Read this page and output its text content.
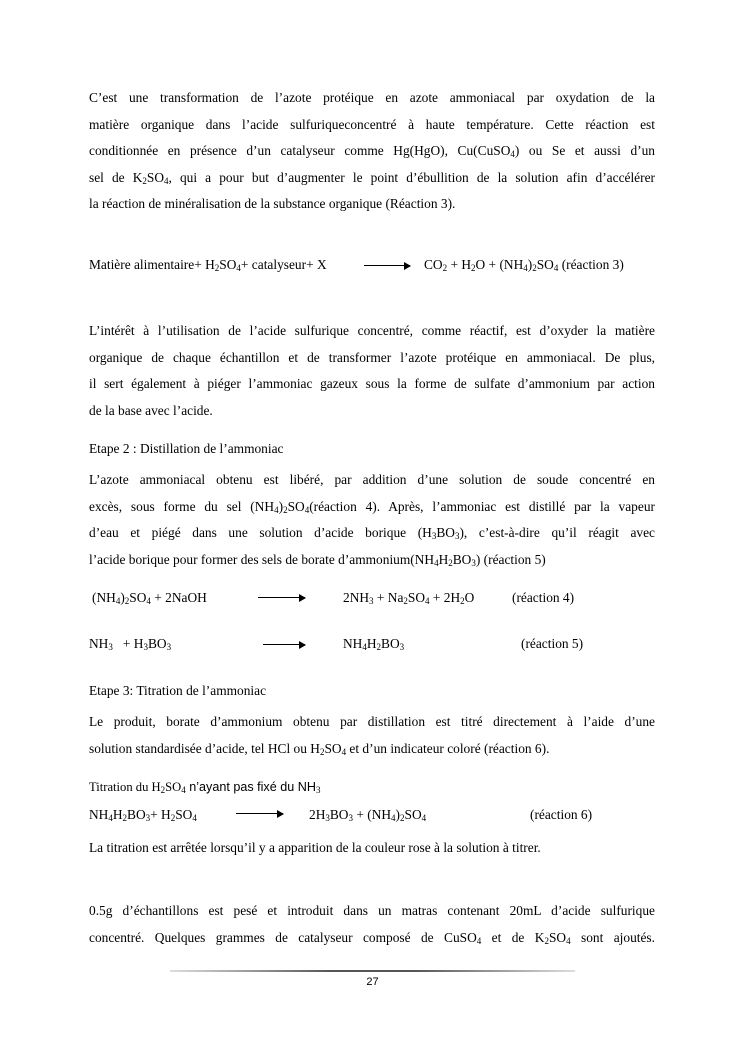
C’est une transformation de l’azote protéique en azote ammoniacal par oxydation de la
matière organique dans l’acide sulfuriqueconcentré à haute température. Cette réaction est
conditionnée en présence d’un catalyseur comme Hg(HgO), Cu(CuSO$_4$) ou Se et aussi d’un
sel de $K_2SO_4$, qui a pour but d’augmenter le point d’ébullition de la solution afin d’accélérer
la réaction de minéralisation de la substance organique (Réaction 3).
Matière alimentaire+ $H_2SO_4+$ catalyseur+ $X \to CO_2 + H_2O + (NH_4)_2SO_4$ (réaction 3)
L’intérêt à l’utilisation de l’acide sulfurique concentré, comme réactif, est d’oxyder la matière
organique de chaque échantillon et de transformer l’azote protéique en ammoniacal. De plus,
il sert également à piéger l’ammoniac gazeux sous la forme de sulfate d’ammonium par action
de la base avec l’acide.
Etape 2 : Distillation de l’ammoniac
L’azote ammoniacal obtenu est libéré, par addition d’une solution de soude concentré en
excès, sous forme du sel $(NH_4)_2SO_4(réaction$ 4). Après, l’ammoniac est distillé par la vapeur
d’eau et piégé dans une solution d’acide borique $(H_3BO_3)$, c’est-à-dire qu’il réagit avec
l’acide borique pour former des sels de borate $d’ammonium(NH_4H_2BO_3)$ (réaction 5)
$(NH_4)_2SO_4$ + 2NaOH	$2NH_3 + Na_2SO_4 + 2H_2O$	(réaction 4)
$NH_3 + H_3BO_3$	$NH_4H_2BO_3$	(réaction 5)
Etape 3: Titration de l’ammoniac
Le produit, borate d’ammonium obtenu par distillation est titré directement à l’aide d’une
solution standardisée d’acide, tel HCl ou $H_2SO_4$ et d’un indicateur coloré (réaction 6).
Titration du $H_2SO_4$ n’ayant pas fixé du $NH_3$
$NH_4H_2BO_3+ H_2SO_4$	$2H_3BO_3 + (NH_4)_2SO_4$	(réaction 6)
La titration est arrêtée lorsqu’il y a apparition de la couleur rose à la solution à titrer.
0.5g d’échantillons est pesé et introduit dans un matras contenant 20mL d’acide sulfurique
concentré. Quelques grammes de catalyseur composé de CuSO$_4$ et de $K_2SO_4$ sont ajoutés.
27
